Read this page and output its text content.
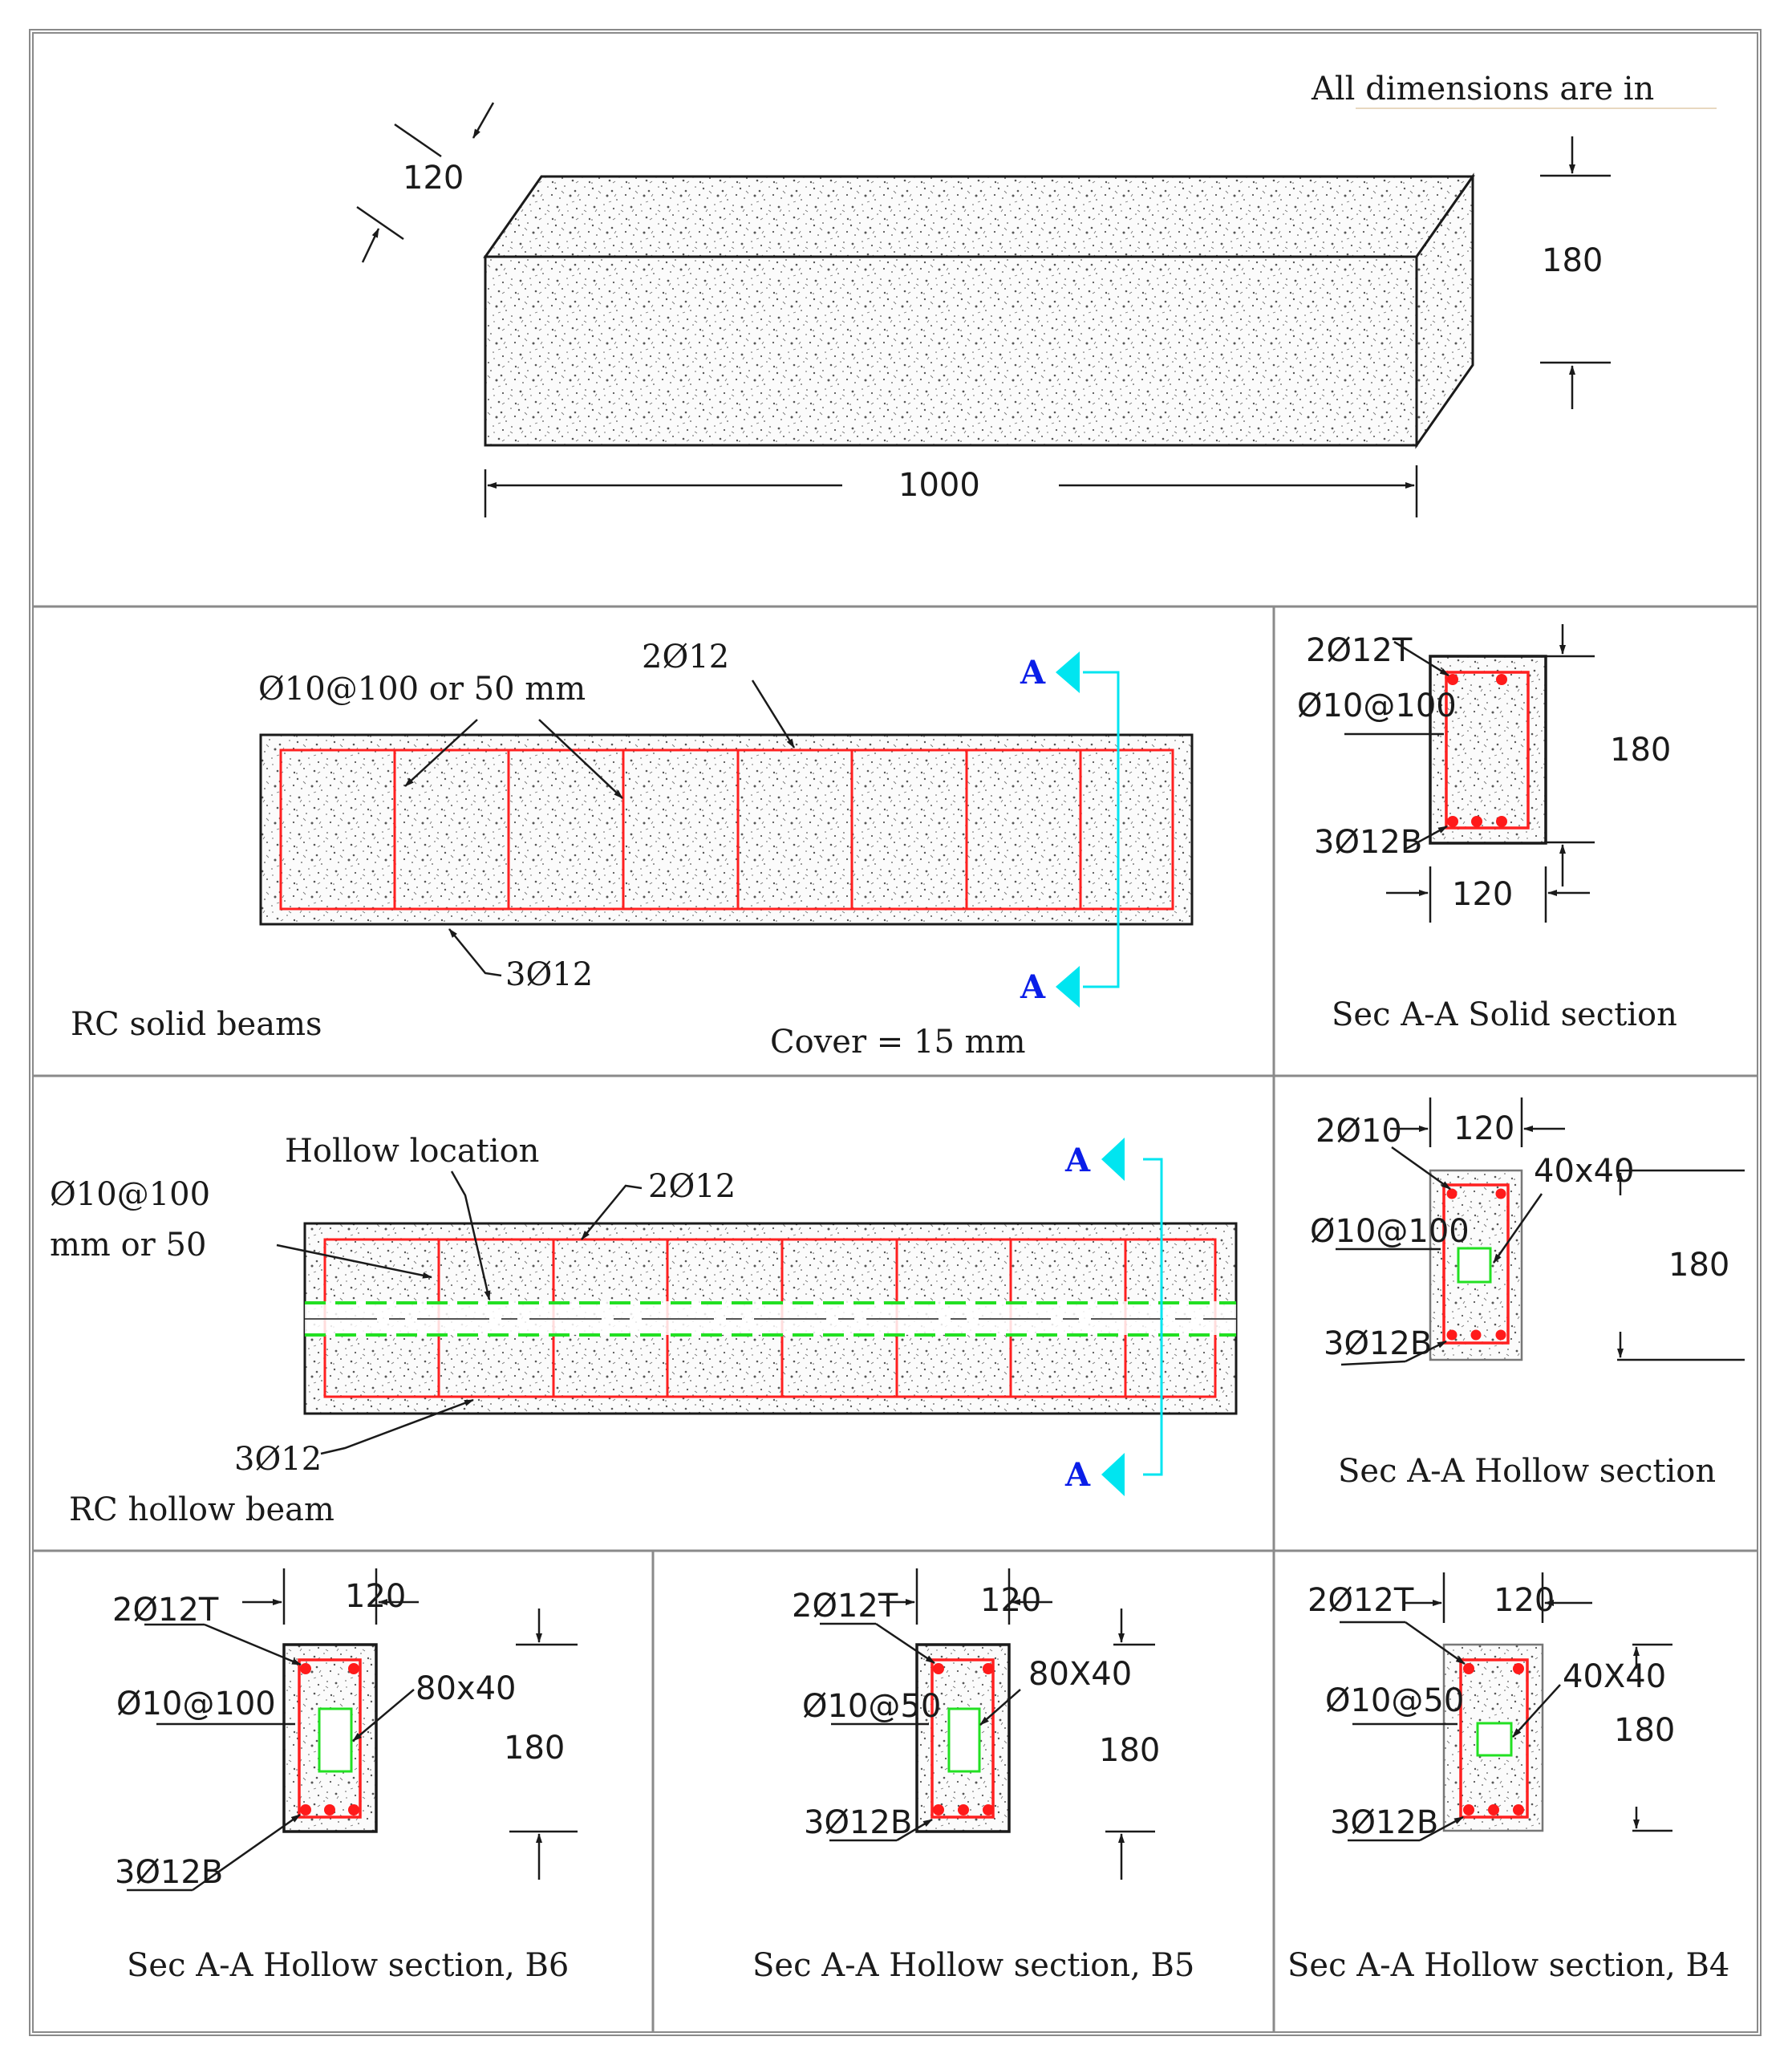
All dimensions are in
120
180
1000
Ø10@100 or 50 mm
2Ø12
3Ø12
RC solid beams	Cover = 15 mm
A
A
2Ø12T
Ø10@100
3Ø12B
180
120
Sec A-A Solid section
Hollow location
Ø10@100
mm or 50
2Ø12
3Ø12
RC hollow beam
A
A
2Ø10
Ø10@100
3Ø12B
40x40
120
180
Sec A-A Hollow section
2Ø12T
Ø10@100
3Ø12B
120
80x40
180
Sec A-A Hollow section, B6
2Ø12T
Ø10@50
3Ø12B
120
80X40
180
Sec A-A Hollow section, B5
2Ø12T
Ø10@50
3Ø12B
120
40X40
180
Sec A-A Hollow section, B4
